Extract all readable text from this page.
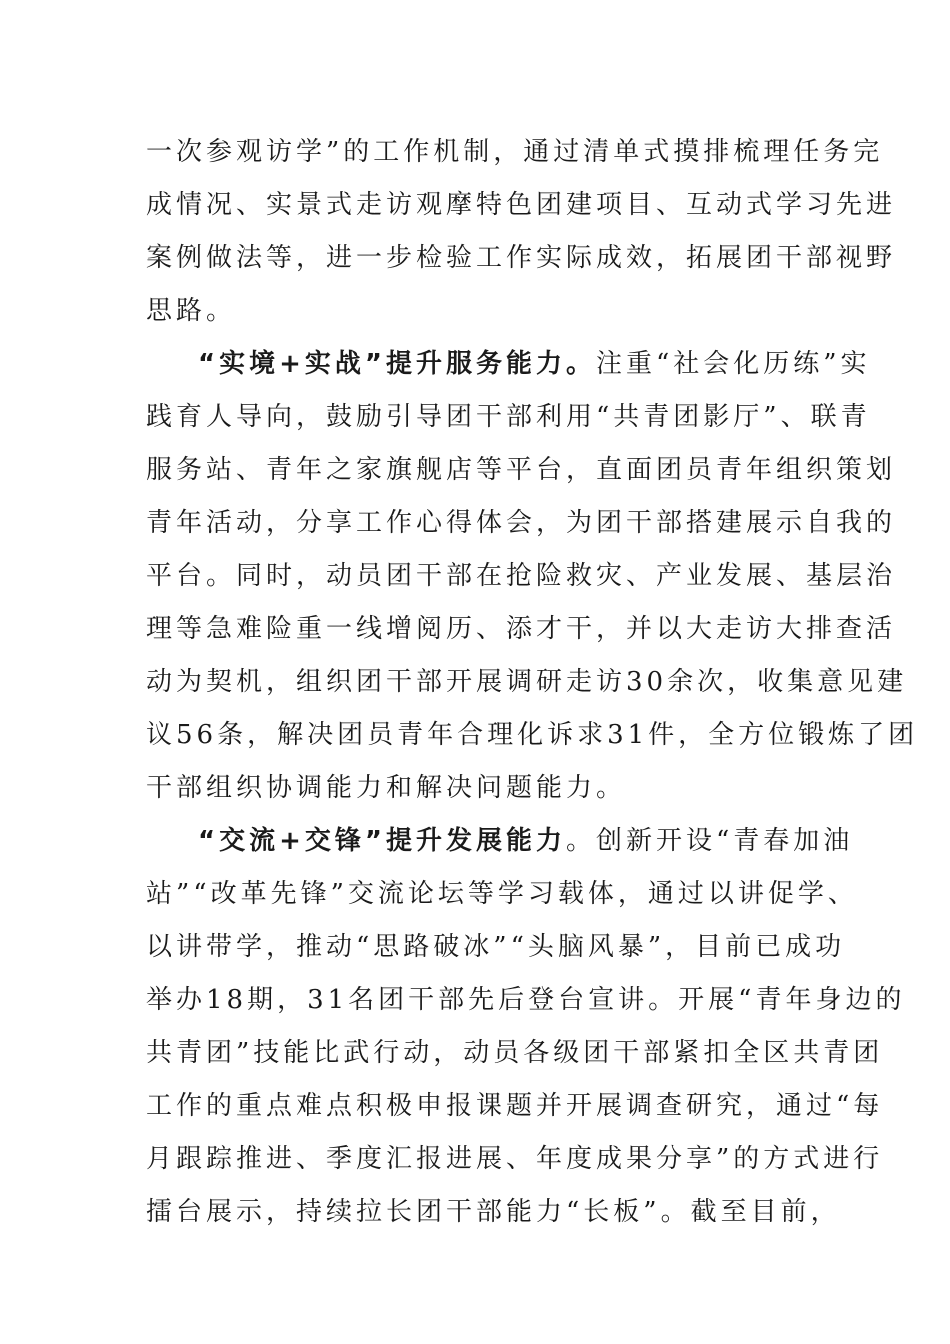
一次参观访学”的工作机制，通过清单式摸排梳理任务完
成情况、实景式走访观摩特色团建项目、互动式学习先进
案例做法等，进一步检验工作实际成效，拓展团干部视野
思路。
“实境+实战”提升服务能力。注重“社会化历练”实
践育人导向，鼓励引导团干部利用“共青团影厅”、联青
服务站、青年之家旗舰店等平台，直面团员青年组织策划
青年活动，分享工作心得体会，为团干部搭建展示自我的
平台。同时，动员团干部在抢险救灾、产业发展、基层治
理等急难险重一线增阅历、添才干，并以大走访大排查活
动为契机，组织团干部开展调研走访30余次，收集意见建
议56条，解决团员青年合理化诉求31件，全方位锻炼了团
干部组织协调能力和解决问题能力。
“交流+交锋”提升发展能力。创新开设“青春加油
站”“改革先锋”交流论坛等学习载体，通过以讲促学、
以讲带学，推动“思路破冰”“头脑风暴”，目前已成功
举办18期，31名团干部先后登台宣讲。开展“青年身边的
共青团”技能比武行动，动员各级团干部紧扣全区共青团
工作的重点难点积极申报课题并开展调查研究，通过“每
月跟踪推进、季度汇报进展、年度成果分享”的方式进行
擂台展示，持续拉长团干部能力“长板”。截至目前，
